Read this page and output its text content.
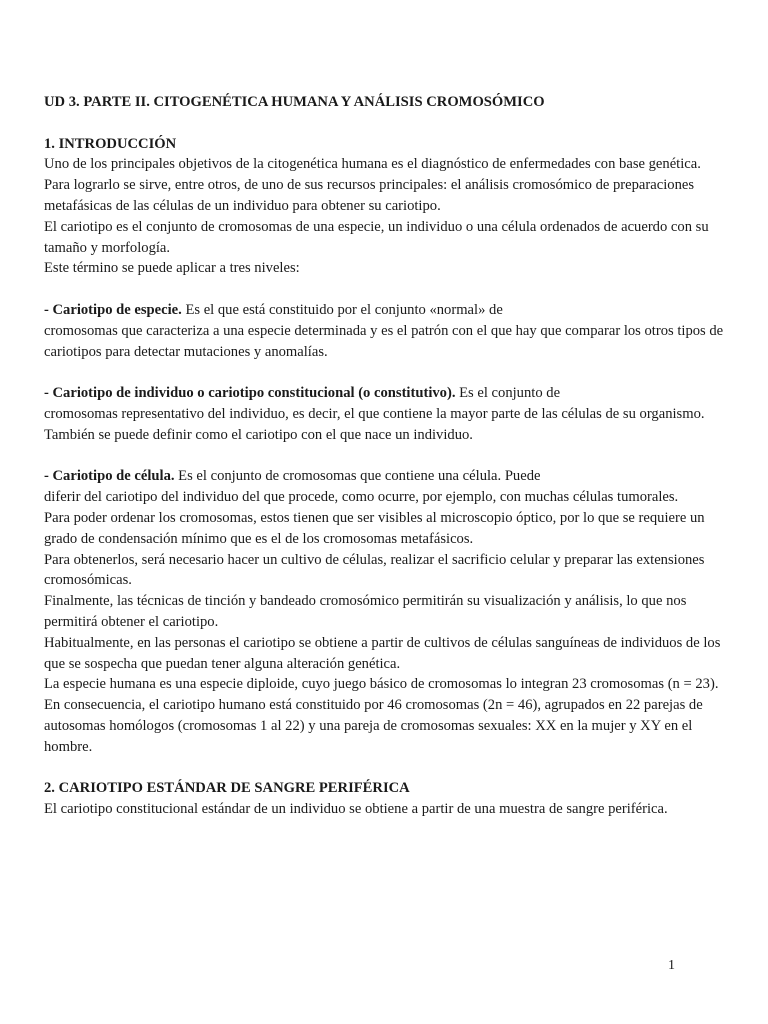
UD 3. PARTE II. CITOGENÉTICA HUMANA Y ANÁLISIS CROMOSÓMICO

1. INTRODUCCIÓN

Uno de los principales objetivos de la citogenética humana es el diagnóstico de enfermedades con base genética.

Para lograrlo se sirve, entre otros, de uno de sus recursos principales: el análisis cromosómico de preparaciones metafásicas de las células de un individuo para obtener su cariotipo.

El cariotipo es el conjunto de cromosomas de una especie, un individuo o una célula ordenados de acuerdo con su tamaño y morfología.

Este término se puede aplicar a tres niveles:

- Cariotipo de especie. Es el que está constituido por el conjunto «normal» de

cromosomas que caracteriza a una especie determinada y es el patrón con el que hay que comparar los otros tipos de cariotipos para detectar mutaciones y anomalías.

- Cariotipo de individuo o cariotipo constitucional (o constitutivo). Es el conjunto de

cromosomas representativo del individuo, es decir, el que contiene la mayor parte de las células de su organismo. También se puede definir como el cariotipo con el que nace un individuo.

- Cariotipo de célula. Es el conjunto de cromosomas que contiene una célula. Puede

diferir del cariotipo del individuo del que procede, como ocurre, por ejemplo, con muchas células tumorales.

Para poder ordenar los cromosomas, estos tienen que ser visibles al microscopio óptico, por lo que se requiere un grado de condensación mínimo que es el de los cromosomas metafásicos.

Para obtenerlos, será necesario hacer un cultivo de células, realizar el sacrificio celular y preparar las extensiones cromosómicas.

Finalmente, las técnicas de tinción y bandeado cromosómico permitirán su visualización y análisis, lo que nos permitirá obtener el cariotipo.

Habitualmente, en las personas el cariotipo se obtiene a partir de cultivos de células sanguíneas de individuos de los que se sospecha que puedan tener alguna alteración genética.

La especie humana es una especie diploide, cuyo juego básico de cromosomas lo integran 23 cromosomas (n = 23).

En consecuencia, el cariotipo humano está constituido por 46 cromosomas (2n = 46), agrupados en 22 parejas de autosomas homólogos (cromosomas 1 al 22) y una pareja de cromosomas sexuales: XX en la mujer y XY en el hombre.

2. CARIOTIPO ESTÁNDAR DE SANGRE PERIFÉRICA

El cariotipo constitucional estándar de un individuo se obtiene a partir de una muestra de sangre periférica.

1
